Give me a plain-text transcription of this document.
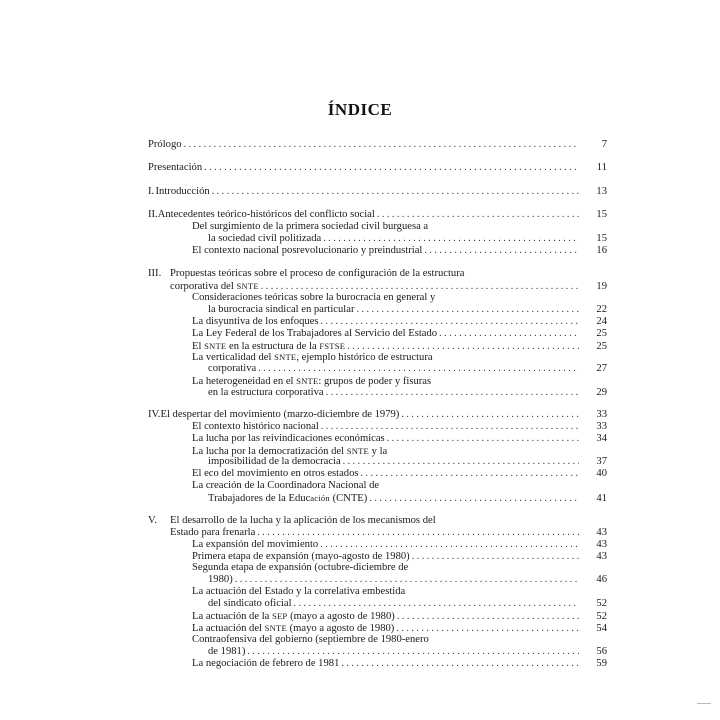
ÍNDICE
Prólogo . . .	7
Presentación . . .	11
I. Introducción . . .	13
II. Antecedentes teórico-históricos del conflicto social . . .	15
Del surgimiento de la primera sociedad civil burguesa a
la sociedad civil politizada . . .	15
El contexto nacional posrevolucionario y preindustrial . . .	16
III. Propuestas teóricas sobre el proceso de configuración de la estructura
corporativa del SNTE . . .	19
Consideraciones teóricas sobre la burocracia en general y
la burocracia sindical en particular . . .	22
La disyuntiva de los enfoques . . .	24
La Ley Federal de los Trabajadores al Servicio del Estado . . .	25
El SNTE en la estructura de la FSTSE . . .	25
La verticalidad del SNTE, ejemplo histórico de estructura
corporativa . . .	27
La heterogeneidad en el SNTE: grupos de poder y fisuras
en la estructura corporativa . . .	29
IV. El despertar del movimiento (marzo-diciembre de 1979) . . .	33
El contexto histórico nacional . . .	33
La lucha por las reivindicaciones económicas . . .	34
La lucha por la democratización del SNTE y la
imposibilidad de la democracia . . .	37
El eco del movimiento en otros estados . . .	40
La creación de la Coordinadora Nacional de
Trabajadores de la Educación (CNTE) . . .	41
V.	El desarrollo de la lucha y la aplicación de los mecanismos del
Estado para frenarla . . .	43
La expansión del movimiento . . .	43
Primera etapa de expansión (mayo-agosto de 1980) . . .	43
Segunda etapa de expansión (octubre-diciembre de
1980) . . .	46
La actuación del Estado y la correlativa embestida
del sindicato oficial . . .	52
La actuación de la SEP (mayo a agosto de 1980) . . .	52
La actuación del SNTE (mayo a agosto de 1980) . . .	54
Contraofensiva del gobierno (septiembre de 1980-enero
de 1981) . . .	56
La negociación de febrero de 1981 . . .	59
